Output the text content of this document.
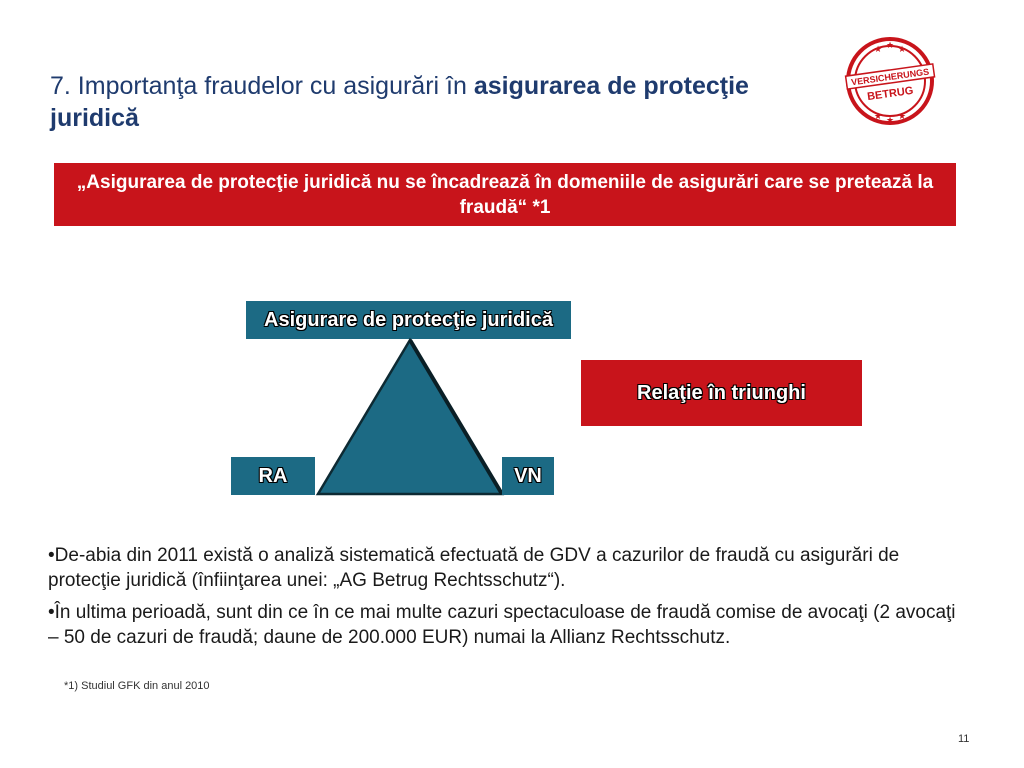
7. Importanţa fraudelor cu asigurări în asigurarea de protecţie juridică
★ ★ ★
★ ★ ★
VERSICHERUNGS
BETRUG
„Asigurarea de protecţie juridică nu se încadrează în domeniile de asigurări care se pretează la fraudă“ *1
Asigurare de protecţie juridică
RA	VN
Relaţie în triunghi

•De-abia din 2011 există o analiză sistematică efectuată de GDV a cazurilor de fraudă cu asigurări de protecţie juridică (înfiinţarea unei: „AG Betrug Rechtsschutz“).

•În ultima perioadă, sunt din ce în ce mai multe cazuri spectaculoase de fraudă comise de avocaţi (2 avocaţi – 50 de cazuri de fraudă; daune de 200.000 EUR) numai la Allianz Rechtsschutz.

*1) Studiul GFK din anul 2010
11
